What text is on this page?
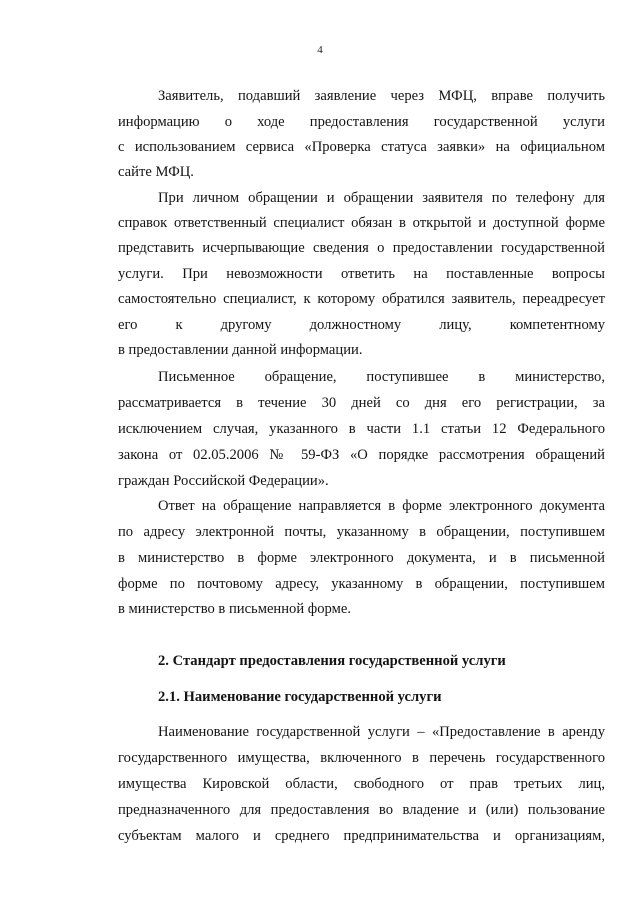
4
Заявитель, подавший заявление через МФЦ, вправе получить
информацию о ходе предоставления государственной услуги
с использованием сервиса «Проверка статуса заявки» на официальном
сайте МФЦ.
При личном обращении и обращении заявителя по телефону для
справок ответственный специалист обязан в открытой и доступной форме
представить исчерпывающие сведения о предоставлении государственной
услуги. При невозможности ответить на поставленные вопросы
самостоятельно специалист, к которому обратился заявитель, переадресует
его к другому должностному лицу, компетентному
в предоставлении данной информации.
Письменное обращение, поступившее в министерство,
рассматривается в течение 30 дней со дня его регистрации, за
исключением случая, указанного в части 1.1 статьи 12 Федерального
закона от 02.05.2006 № 59-ФЗ «О порядке рассмотрения обращений
граждан Российской Федерации».
Ответ на обращение направляется в форме электронного документа
по адресу электронной почты, указанному в обращении, поступившем
в министерство в форме электронного документа, и в письменной
форме по почтовому адресу, указанному в обращении, поступившем
в министерство в письменной форме.
2. Стандарт предоставления государственной услуги
2.1. Наименование государственной услуги
Наименование государственной услуги – «Предоставление в аренду
государственного имущества, включенного в перечень государственного
имущества Кировской области, свободного от прав третьих лиц,
предназначенного для предоставления во владение и (или) пользование
субъектам малого и среднего предпринимательства и организациям,
